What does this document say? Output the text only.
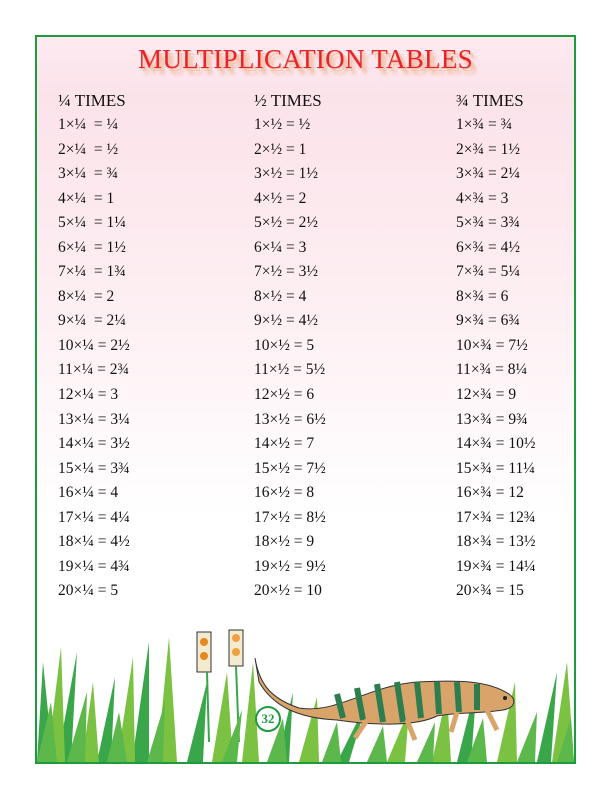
MULTIPLICATION TABLES
¼ TIMES
1×¼  = ¼
2×¼  = ½
3×¼  = ¾
4×¼  = 1
5×¼  = 1¼
6×¼  = 1½
7×¼  = 1¾
8×¼  = 2
9×¼  = 2¼
10×¼ = 2½
11×¼ = 2¾
12×¼ = 3
13×¼ = 3¼
14×¼ = 3½
15×¼ = 3¾
16×¼ = 4
17×¼ = 4¼
18×¼ = 4½
19×¼ = 4¾
20×¼ = 5
½ TIMES
1×½ = ½
2×½ = 1
3×½ = 1½
4×½ = 2
5×½ = 2½
6×¼ = 3
7×½ = 3½
8×½ = 4
9×½ = 4½
10×½ = 5
11×½ = 5½
12×½ = 6
13×½ = 6½
14×½ = 7
15×½ = 7½
16×½ = 8
17×½ = 8½
18×½ = 9
19×½ = 9½
20×½ = 10
¾ TIMES
1×¾ = ¾
2×¾ = 1½
3×¾ = 2¼
4×¾ = 3
5×¾ = 3¾
6×¾ = 4½
7×¾ = 5¼
8×¾ = 6
9×¾ = 6¾
10×¾ = 7½
11×¾ = 8¼
12×¾ = 9
13×¾ = 9¾
14×¾ = 10½
15×¾ = 11¼
16×¾ = 12
17×¾ = 12¾
18×¾ = 13½
19×¾ = 14¼
20×¾ = 15
32
